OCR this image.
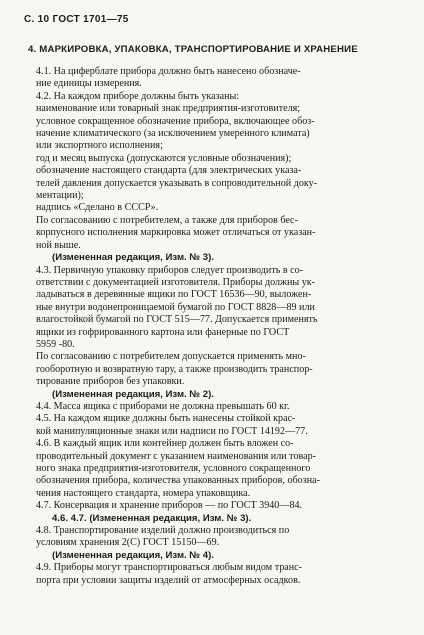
С. 10 ГОСТ 1701—75
4. МАРКИРОВКА, УПАКОВКА, ТРАНСПОРТИРОВАНИЕ И ХРАНЕНИЕ
4.1. На циферблате прибора должно быть нанесено обозначе-
ние единицы измерения.
4.2. На каждом приборе должны быть указаны:
наименование или товарный знак предприятия-изготовителя;
условное сокращенное обозначение прибора, включающее обоз-
начение климатического (за исключением умеренного климата)
или экспортного исполнения;
год и месяц выпуска (допускаются условные обозначения);
обозначение настоящего стандарта (для электрических указа-
телей давления допускается указывать в сопроводительной доку-
ментации);
надпись «Сделано в СССР».
По согласованию с потребителем, а также для приборов бес-
корпусного исполнения маркировка может отличаться от указан-
ной выше.
(Измененная редакция, Изм. № 3).
4.3. Первичную упаковку приборов следует производить в со-
ответствии с документацией изготовителя. Приборы должны ук-
ладываться в деревянные ящики по ГОСТ 16536—90, выложен-
ные внутри водонепроницаемой бумагой по ГОСТ 8828—89 или
влагостойкой бумагой по ГОСТ 515—77. Допускается применять
ящики из гофрированного картона или фанерные по ГОСТ
5959 -80.
По согласованию с потребителем допускается применять мно-
гооборотную и возвратную тару, а также производить транспор-
тирование приборов без упаковки.
(Измененная редакция, Изм. № 2).
4.4. Масса ящика с приборами не должна превышать 60 кг.
4.5. На каждом ящике должны быть нанесены стойкой крас-
кой манипуляционные знаки или надписи по ГОСТ 14192—77.
4.6. В каждый ящик или контейнер должен быть вложен со-
проводительный документ с указанием наименования или товар-
ного знака предприятия-изготовителя, условного сокращенного
обозначения прибора, количества упакованных приборов, обозна-
чения настоящего стандарта, номера упаковщика.
4.7. Консервация и хранение приборов — по ГОСТ 3940—84.
4.6. 4.7. (Измененная редакция, Изм. № 3).
4.8. Транспортирование изделий должно производиться по
условиям хранения 2(С) ГОСТ 15150—69.
(Измененная редакция, Изм. № 4).
4.9. Приборы могут транспортироваться любым видом транс-
порта при условии защиты изделий от атмосферных осадков.
